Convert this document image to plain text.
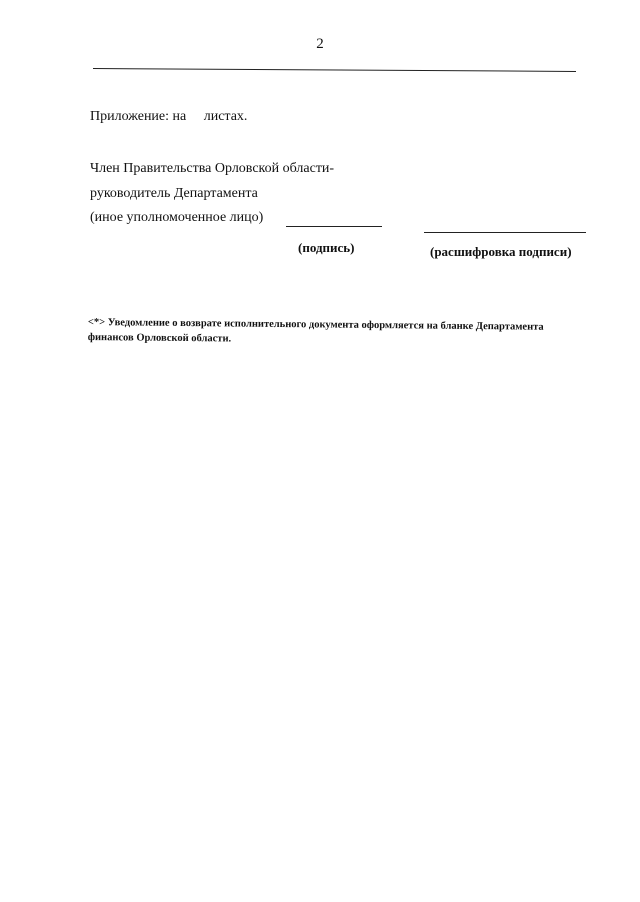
2
Приложение: на     листах.
Член Правительства Орловской области-
руководитель Департамента
(иное уполномоченное лицо)
(подпись)	(расшифровка подписи)
<*> Уведомление о возврате исполнительного документа оформляется на бланке Департамента финансов Орловской области.
